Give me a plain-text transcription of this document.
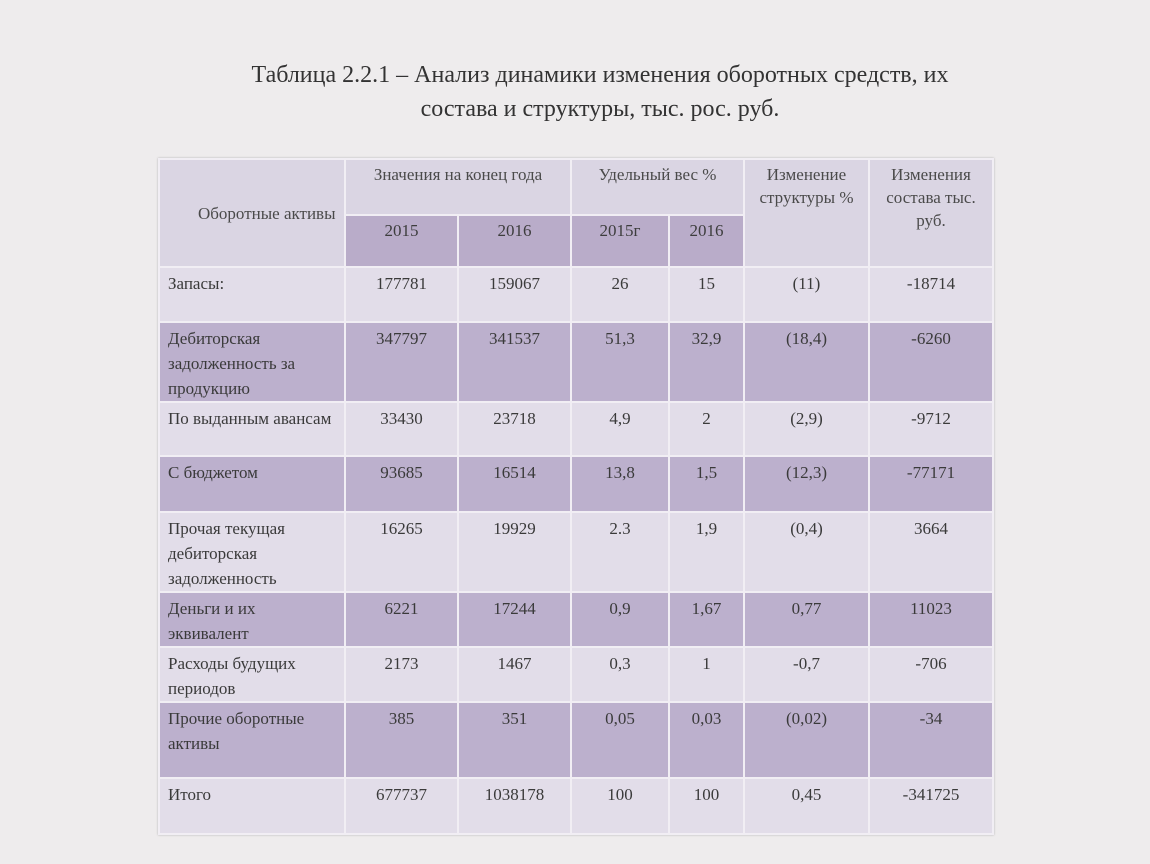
Таблица 2.2.1 – Анализ динамики изменения оборотных средств, их
состава и структуры, тыс. рос. руб.
Оборотные активы	Значения на конец года		Удельный вес %		Изменение структуры %	Изменения состава тыс. руб.
	2015	2016	2015г	2016		
Запасы:	177781	159067	26	15	(11)	-18714
Дебиторская задолженность за продукцию	347797	341537	51,3	32,9	(18,4)	-6260
По выданным авансам	33430	23718	4,9	2	(2,9)	-9712
С бюджетом	93685	16514	13,8	1,5	(12,3)	-77171
Прочая текущая дебиторская задолженность	16265	19929	2.3	1,9	(0,4)	3664
Деньги и их эквивалент	6221	17244	0,9	1,67	0,77	11023
Расходы будущих периодов	2173	1467	0,3	1	-0,7	-706
Прочие оборотные активы	385	351	0,05	0,03	(0,02)	-34
Итого	677737	1038178	100	100	0,45	-341725
